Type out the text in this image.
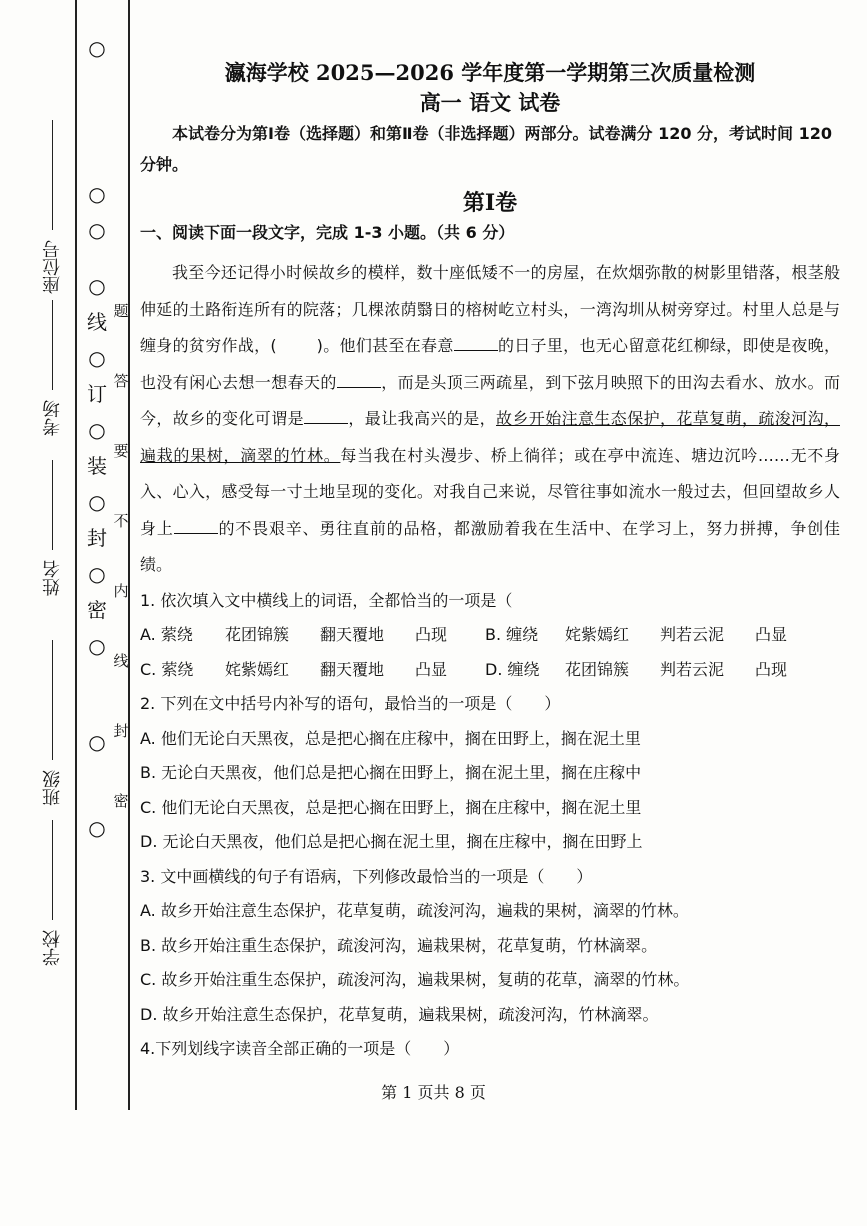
○
○
○
○
线
○
订
○
装
○
封
○
密
○
○
○
题
答
要
不
内
线
封
密
座位号
考场
姓名
班级
学校
瀛海学校 2025—2026 学年度第一学期第三次质量检测
高一 语文 试卷

本试卷分为第Ⅰ卷（选择题）和第Ⅱ卷（非选择题）两部分。试卷满分 120 分，考试时间 120 分钟。

第Ⅰ卷

一、阅读下面一段文字，完成 1-3 小题。（共 6 分）

我至今还记得小时候故乡的模样，数十座低矮不一的房屋，在炊烟弥散的树影里错落，根茎般伸延的土路衔连所有的院落；几棵浓荫翳日的榕树屹立村头，一湾沟圳从树旁穿过。村里人总是与缠身的贫穷作战，(	)。他们甚至在春意	的日子里，也无心留意花红柳绿，即使是夜晚，也没有闲心去想一想春天的	，而是头顶三两疏星，到下弦月映照下的田沟去看水、放水。而今，故乡的变化可谓是	，最让我高兴的是，故乡开始注意生态保护，花草复萌，疏浚河沟，遍栽的果树，滴翠的竹林。每当我在村头漫步、桥上徜徉；或在亭中流连、塘边沉吟……无不身入、心入，感受每一寸土地呈现的变化。对我自己来说，尽管往事如流水一般过去，但回望故乡人身上	的不畏艰辛、勇往直前的品格，都激励着我在生活中、在学习上，努力拼搏，争创佳绩。

1. 依次填入文中横线上的词语，全都恰当的一项是（

A. 萦绕	花团锦簇	翻天覆地	凸现	B. 缠绕	姹紫嫣红	判若云泥	凸显
C. 萦绕	姹紫嫣红	翻天覆地	凸显	D. 缠绕	花团锦簇	判若云泥	凸现

2. 下列在文中括号内补写的语句，最恰当的一项是（　　）

A. 他们无论白天黑夜，总是把心搁在庄稼中，搁在田野上，搁在泥土里

B. 无论白天黑夜，他们总是把心搁在田野上，搁在泥土里，搁在庄稼中

C. 他们无论白天黑夜，总是把心搁在田野上，搁在庄稼中，搁在泥土里

D. 无论白天黑夜，他们总是把心搁在泥土里，搁在庄稼中，搁在田野上

3. 文中画横线的句子有语病，下列修改最恰当的一项是（　　）

A. 故乡开始注意生态保护，花草复萌，疏浚河沟，遍栽的果树，滴翠的竹林。

B. 故乡开始注重生态保护，疏浚河沟，遍栽果树，花草复萌，竹林滴翠。

C. 故乡开始注重生态保护，疏浚河沟，遍栽果树，复萌的花草，滴翠的竹林。

D. 故乡开始注意生态保护，花草复萌，遍栽果树，疏浚河沟，竹林滴翠。

4.下列划线字读音全部正确的一项是（　　）

第 1 页共 8 页
